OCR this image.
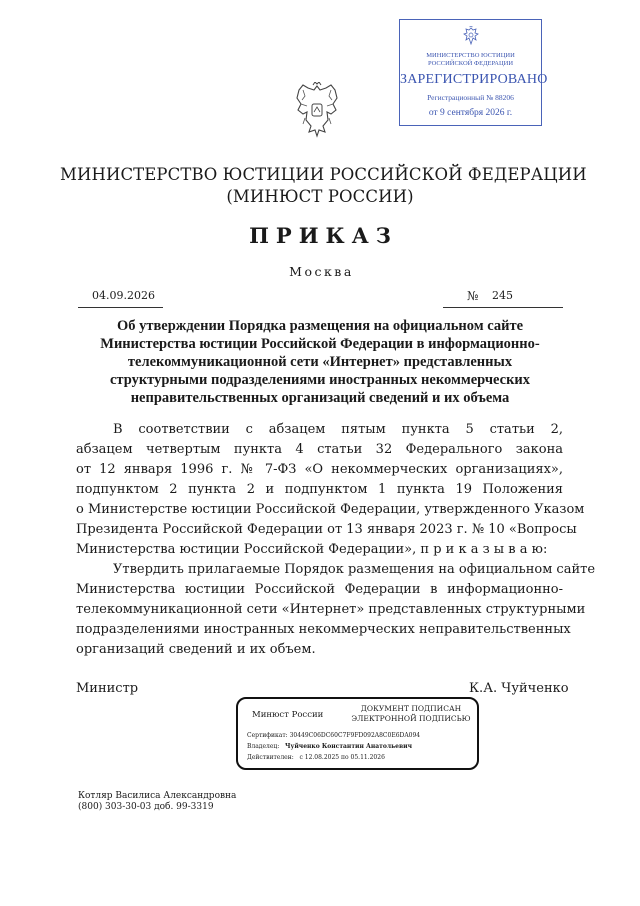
МИНИСТЕРСТВО ЮСТИЦИИ
РОССИЙСКОЙ ФЕДЕРАЦИИ
ЗАРЕГИСТРИРОВАНО
Регистрационный № 88206
от 9 сентября 2026 г.
МИНИСТЕРСТВО ЮСТИЦИИ РОССИЙСКОЙ ФЕДЕРАЦИИ
(МИНЮСТ РОССИИ)
ПРИКАЗ
Москва
04.09.2026	№ 245
Об утверждении Порядка размещения на официальном сайте
Министерства юстиции Российской Федерации в информационно-
телекоммуникационной сети «Интернет» представленных
структурными подразделениями иностранных некоммерческих
неправительственных организаций сведений и их объема
В соответствии с абзацем пятым пункта 5 статьи 2,
абзацем четвертым пункта 4 статьи 32 Федерального закона
от 12 января 1996 г. № 7-ФЗ «О некоммерческих организациях»,
подпунктом 2 пункта 2 и подпунктом 1 пункта 19 Положения
о Министерстве юстиции Российской Федерации, утвержденного Указом
Президента Российской Федерации от 13 января 2023 г. № 10 «Вопросы
Министерства юстиции Российской Федерации», п р и к а з ы в а ю:
Утвердить прилагаемые Порядок размещения на официальном сайте
Министерства юстиции Российской Федерации в информационно-
телекоммуникационной сети «Интернет» представленных структурными
подразделениями иностранных некоммерческих неправительственных
организаций сведений и их объем.
Министр	К.А. Чуйченко
Минюст России
ДОКУМЕНТ ПОДПИСАН
ЭЛЕКТРОННОЙ ПОДПИСЬЮ
Сертификат: 30449C06DC60C7F9FD092A8C0E6DA094
Владелец: Чуйченко Константин Анатольевич
Действителен: с 12.08.2025 по 05.11.2026
Котляр Василиса Александровна
(800) 303-30-03 доб. 99-3319
